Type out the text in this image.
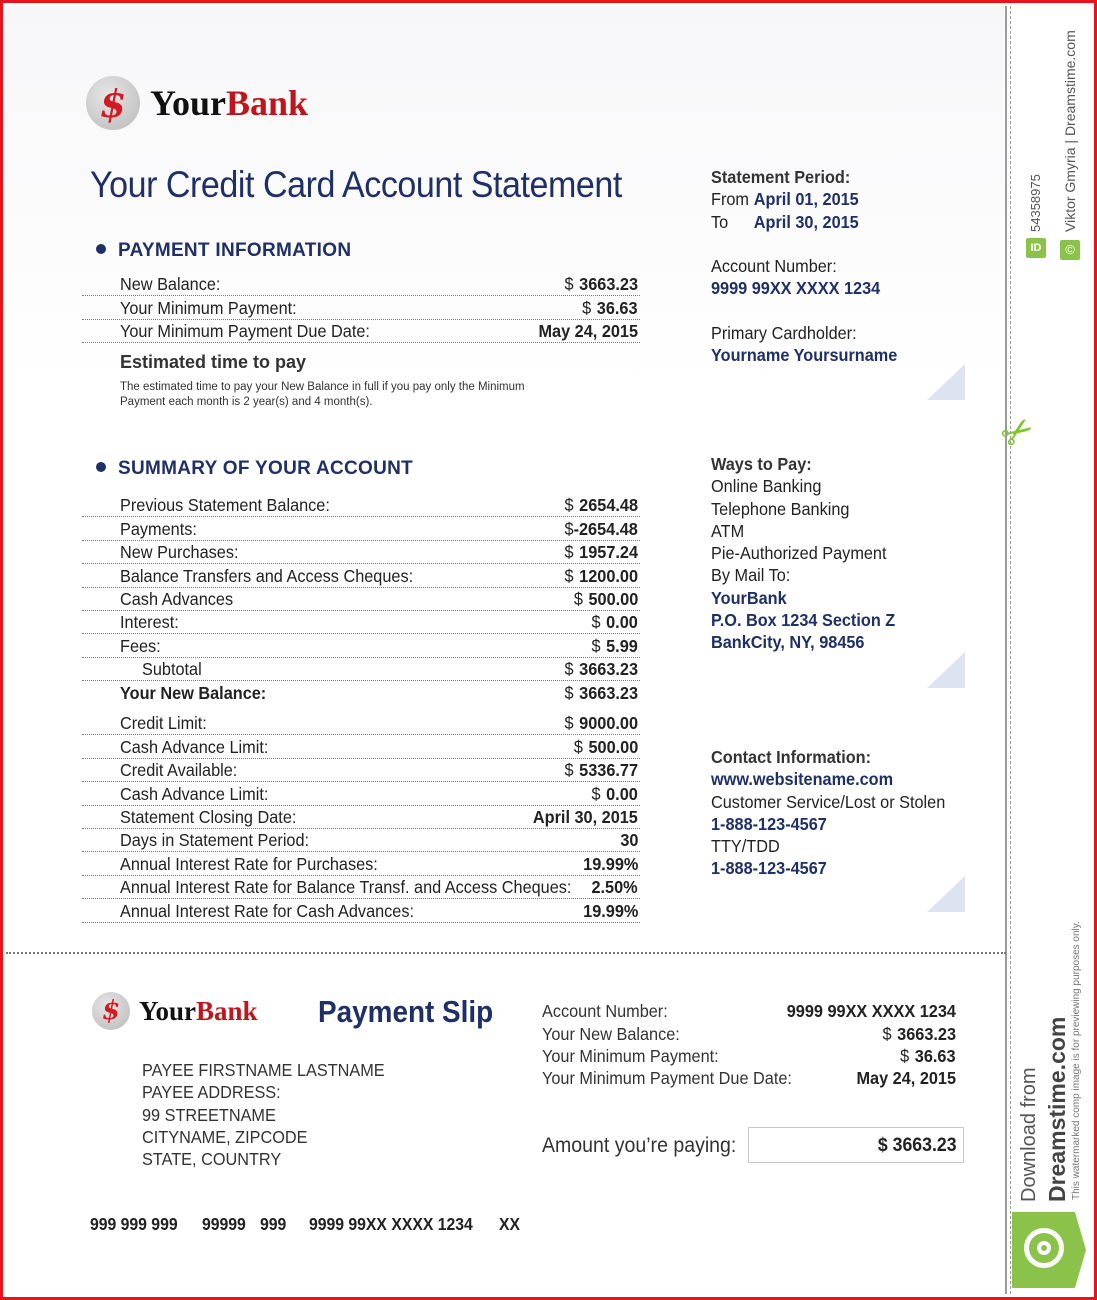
$ YourBank
Your Credit Card Account Statement
PAYMENT INFORMATION
New Balance:	$ 3663.23
Your Minimum Payment:	$ 36.63
Your Minimum Payment Due Date:	May 24, 2015
Estimated time to pay
The estimated time to pay your New Balance in full if you pay only the Minimum Payment each month is 2 year(s) and 4 month(s).
SUMMARY OF YOUR ACCOUNT
Previous Statement Balance:	$ 2654.48
Payments:	$-2654.48
New Purchases:	$ 1957.24
Balance Transfers and Access Cheques:	$ 1200.00
Cash Advances	$ 500.00
Interest:	$ 0.00
Fees:	$ 5.99
Subtotal	$ 3663.23
Your New Balance:	$ 3663.23
Credit Limit:	$ 9000.00
Cash Advance Limit:	$ 500.00
Credit Available:	$ 5336.77
Cash Advance Limit:	$ 0.00
Statement Closing Date:	April 30, 2015
Days in Statement Period:	30
Annual Interest Rate for Purchases:	19.99%
Annual Interest Rate for Balance Transf. and Access Cheques: 2.50%
Annual Interest Rate for Cash Advances:	19.99%
Statement Period:
From April 01, 2015
To April 30, 2015
Account Number:
9999 99XX XXXX 1234
Primary Cardholder:
Yourname Yoursurname
Ways to Pay:
Online Banking
Telephone Banking
ATM
Pie-Authorized Payment
By Mail To:
YourBank
P.O. Box 1234 Section Z
BankCity, NY, 98456
Contact Information:
www.websitename.com
Customer Service/Lost or Stolen
1-888-123-4567
TTY/TDD
1-888-123-4567
✂
$ YourBank Payment Slip
PAYEE FIRSTNAME LASTNAME
PAYEE ADDRESS:
99 STREETNAME
CITYNAME, ZIPCODE
STATE, COUNTRY
Account Number:	9999 99XX XXXX 1234
Your New Balance:	$ 3663.23
Your Minimum Payment:	$ 36.63
Your Minimum Payment Due Date:	May 24, 2015
Amount you’re paying:	$ 3663.23
999 999 999 99999 999 9999 99XX XXXX 1234 XX
ID
54358975
©
Viktor Gmyria | Dreamstime.com
Download from Dreamstime.com This watermarked comp image is for previewing purposes only.
